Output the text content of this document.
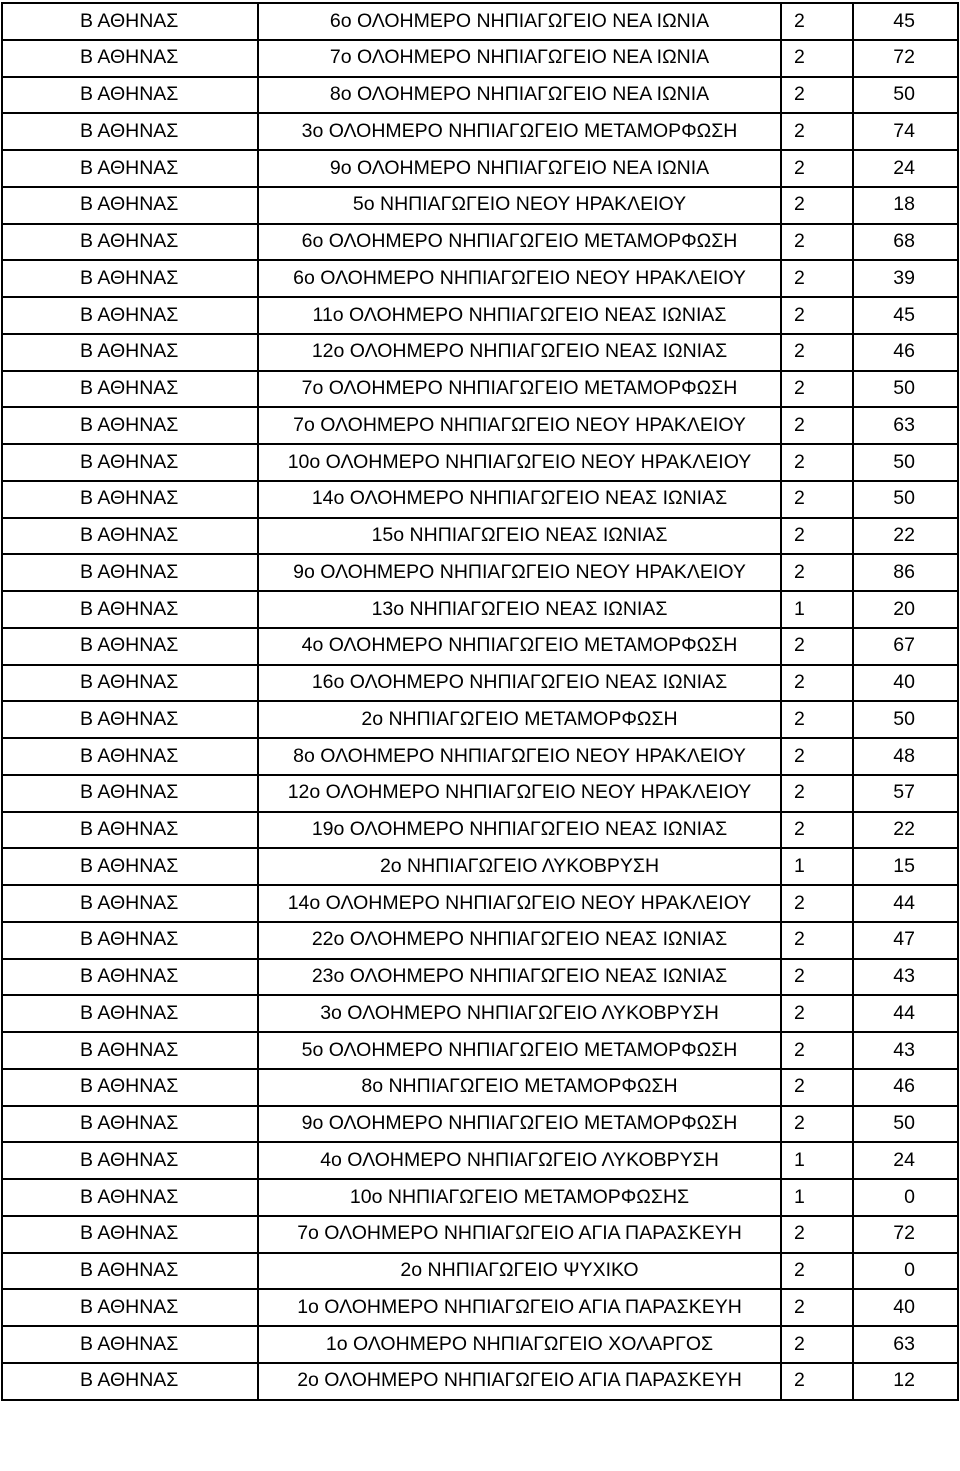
Β ΑΘΗΝΑΣ	6ο ΟΛΟΗΜΕΡΟ ΝΗΠΙΑΓΩΓΕΙΟ ΝΕΑ ΙΩΝΙΑ	2	45
Β ΑΘΗΝΑΣ	7ο ΟΛΟΗΜΕΡΟ ΝΗΠΙΑΓΩΓΕΙΟ ΝΕΑ ΙΩΝΙΑ	2	72
Β ΑΘΗΝΑΣ	8ο ΟΛΟΗΜΕΡΟ ΝΗΠΙΑΓΩΓΕΙΟ ΝΕΑ ΙΩΝΙΑ	2	50
Β ΑΘΗΝΑΣ	3ο ΟΛΟΗΜΕΡΟ ΝΗΠΙΑΓΩΓΕΙΟ ΜΕΤΑΜΟΡΦΩΣΗ	2	74
Β ΑΘΗΝΑΣ	9ο ΟΛΟΗΜΕΡΟ ΝΗΠΙΑΓΩΓΕΙΟ ΝΕΑ ΙΩΝΙΑ	2	24
Β ΑΘΗΝΑΣ	5ο ΝΗΠΙΑΓΩΓΕΙΟ ΝΕΟΥ ΗΡΑΚΛΕΙΟΥ	2	18
Β ΑΘΗΝΑΣ	6ο ΟΛΟΗΜΕΡΟ ΝΗΠΙΑΓΩΓΕΙΟ ΜΕΤΑΜΟΡΦΩΣΗ	2	68
Β ΑΘΗΝΑΣ	6ο ΟΛΟΗΜΕΡΟ ΝΗΠΙΑΓΩΓΕΙΟ ΝΕΟΥ ΗΡΑΚΛΕΙΟΥ	2	39
Β ΑΘΗΝΑΣ	11ο ΟΛΟΗΜΕΡΟ ΝΗΠΙΑΓΩΓΕΙΟ ΝΕΑΣ ΙΩΝΙΑΣ	2	45
Β ΑΘΗΝΑΣ	12ο ΟΛΟΗΜΕΡΟ ΝΗΠΙΑΓΩΓΕΙΟ ΝΕΑΣ ΙΩΝΙΑΣ	2	46
Β ΑΘΗΝΑΣ	7ο ΟΛΟΗΜΕΡΟ ΝΗΠΙΑΓΩΓΕΙΟ ΜΕΤΑΜΟΡΦΩΣΗ	2	50
Β ΑΘΗΝΑΣ	7ο ΟΛΟΗΜΕΡΟ ΝΗΠΙΑΓΩΓΕΙΟ ΝΕΟΥ ΗΡΑΚΛΕΙΟΥ	2	63
Β ΑΘΗΝΑΣ	10ο ΟΛΟΗΜΕΡΟ ΝΗΠΙΑΓΩΓΕΙΟ ΝΕΟΥ ΗΡΑΚΛΕΙΟΥ	2	50
Β ΑΘΗΝΑΣ	14ο ΟΛΟΗΜΕΡΟ ΝΗΠΙΑΓΩΓΕΙΟ ΝΕΑΣ ΙΩΝΙΑΣ	2	50
Β ΑΘΗΝΑΣ	15ο ΝΗΠΙΑΓΩΓΕΙΟ ΝΕΑΣ ΙΩΝΙΑΣ	2	22
Β ΑΘΗΝΑΣ	9ο ΟΛΟΗΜΕΡΟ ΝΗΠΙΑΓΩΓΕΙΟ ΝΕΟΥ ΗΡΑΚΛΕΙΟΥ	2	86
Β ΑΘΗΝΑΣ	13ο ΝΗΠΙΑΓΩΓΕΙΟ ΝΕΑΣ ΙΩΝΙΑΣ	1	20
Β ΑΘΗΝΑΣ	4ο ΟΛΟΗΜΕΡΟ ΝΗΠΙΑΓΩΓΕΙΟ ΜΕΤΑΜΟΡΦΩΣΗ	2	67
Β ΑΘΗΝΑΣ	16ο ΟΛΟΗΜΕΡΟ ΝΗΠΙΑΓΩΓΕΙΟ ΝΕΑΣ ΙΩΝΙΑΣ	2	40
Β ΑΘΗΝΑΣ	2ο ΝΗΠΙΑΓΩΓΕΙΟ ΜΕΤΑΜΟΡΦΩΣΗ	2	50
Β ΑΘΗΝΑΣ	8ο ΟΛΟΗΜΕΡΟ ΝΗΠΙΑΓΩΓΕΙΟ ΝΕΟΥ ΗΡΑΚΛΕΙΟΥ	2	48
Β ΑΘΗΝΑΣ	12ο ΟΛΟΗΜΕΡΟ ΝΗΠΙΑΓΩΓΕΙΟ ΝΕΟΥ ΗΡΑΚΛΕΙΟΥ	2	57
Β ΑΘΗΝΑΣ	19ο ΟΛΟΗΜΕΡΟ ΝΗΠΙΑΓΩΓΕΙΟ ΝΕΑΣ ΙΩΝΙΑΣ	2	22
Β ΑΘΗΝΑΣ	2ο ΝΗΠΙΑΓΩΓΕΙΟ ΛΥΚΟΒΡΥΣΗ	1	15
Β ΑΘΗΝΑΣ	14ο ΟΛΟΗΜΕΡΟ ΝΗΠΙΑΓΩΓΕΙΟ ΝΕΟΥ ΗΡΑΚΛΕΙΟΥ	2	44
Β ΑΘΗΝΑΣ	22ο ΟΛΟΗΜΕΡΟ ΝΗΠΙΑΓΩΓΕΙΟ ΝΕΑΣ ΙΩΝΙΑΣ	2	47
Β ΑΘΗΝΑΣ	23ο ΟΛΟΗΜΕΡΟ ΝΗΠΙΑΓΩΓΕΙΟ ΝΕΑΣ ΙΩΝΙΑΣ	2	43
Β ΑΘΗΝΑΣ	3ο ΟΛΟΗΜΕΡΟ ΝΗΠΙΑΓΩΓΕΙΟ ΛΥΚΟΒΡΥΣΗ	2	44
Β ΑΘΗΝΑΣ	5ο ΟΛΟΗΜΕΡΟ ΝΗΠΙΑΓΩΓΕΙΟ ΜΕΤΑΜΟΡΦΩΣΗ	2	43
Β ΑΘΗΝΑΣ	8ο ΝΗΠΙΑΓΩΓΕΙΟ ΜΕΤΑΜΟΡΦΩΣΗ	2	46
Β ΑΘΗΝΑΣ	9ο ΟΛΟΗΜΕΡΟ ΝΗΠΙΑΓΩΓΕΙΟ ΜΕΤΑΜΟΡΦΩΣΗ	2	50
Β ΑΘΗΝΑΣ	4ο ΟΛΟΗΜΕΡΟ ΝΗΠΙΑΓΩΓΕΙΟ ΛΥΚΟΒΡΥΣΗ	1	24
Β ΑΘΗΝΑΣ	10ο ΝΗΠΙΑΓΩΓΕΙΟ ΜΕΤΑΜΟΡΦΩΣΗΣ	1	0
Β ΑΘΗΝΑΣ	7ο ΟΛΟΗΜΕΡΟ ΝΗΠΙΑΓΩΓΕΙΟ ΑΓΙΑ ΠΑΡΑΣΚΕΥΗ	2	72
Β ΑΘΗΝΑΣ	2ο ΝΗΠΙΑΓΩΓΕΙΟ ΨΥΧΙΚΟ	2	0
Β ΑΘΗΝΑΣ	1ο ΟΛΟΗΜΕΡΟ ΝΗΠΙΑΓΩΓΕΙΟ ΑΓΙΑ ΠΑΡΑΣΚΕΥΗ	2	40
Β ΑΘΗΝΑΣ	1ο ΟΛΟΗΜΕΡΟ ΝΗΠΙΑΓΩΓΕΙΟ ΧΟΛΑΡΓΟΣ	2	63
Β ΑΘΗΝΑΣ	2ο ΟΛΟΗΜΕΡΟ ΝΗΠΙΑΓΩΓΕΙΟ ΑΓΙΑ ΠΑΡΑΣΚΕΥΗ	2	12
